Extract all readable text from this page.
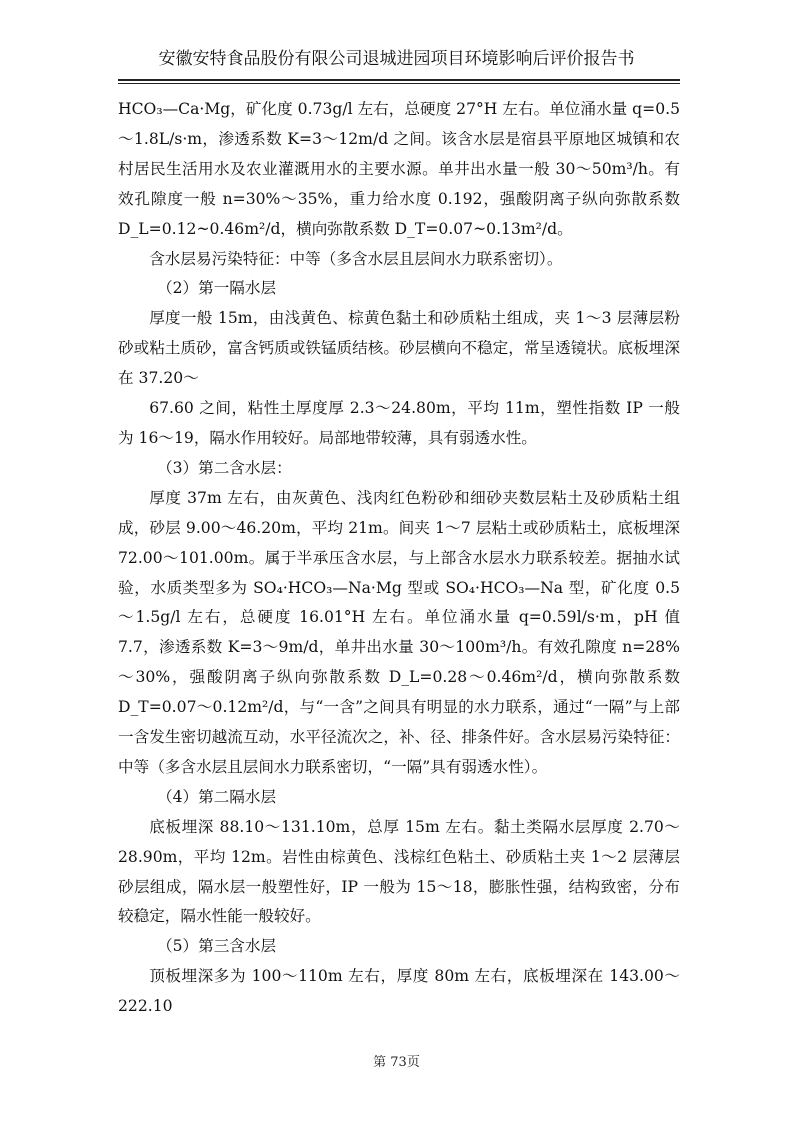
安徽安特食品股份有限公司退城进园项目环境影响后评价报告书

HCO₃—Ca·Mg，矿化度 0.73g/l 左右，总硬度 27°H 左右。单位涌水量 q=0.5～1.8L/s·m，渗透系数 K=3～12m/d 之间。该含水层是宿县平原地区城镇和农村居民生活用水及农业灌溉用水的主要水源。单井出水量一般 30～50m³/h。有效孔隙度一般 n=30%～35%，重力给水度 0.192，强酸阴离子纵向弥散系数 D_L=0.12~0.46m²/d，横向弥散系数 D_T=0.07~0.13m²/d。

含水层易污染特征：中等（多含水层且层间水力联系密切）。

（2）第一隔水层

厚度一般 15m，由浅黄色、棕黄色黏土和砂质粘土组成，夹 1～3 层薄层粉砂或粘土质砂，富含钙质或铁锰质结核。砂层横向不稳定，常呈透镜状。底板埋深在 37.20～

67.60 之间，粘性土厚度厚 2.3～24.80m，平均 11m，塑性指数 IP 一般为 16～19，隔水作用较好。局部地带较薄，具有弱透水性。

（3）第二含水层：

厚度 37m 左右，由灰黄色、浅肉红色粉砂和细砂夹数层粘土及砂质粘土组成，砂层 9.00～46.20m，平均 21m。间夹 1～7 层粘土或砂质粘土，底板埋深 72.00～101.00m。属于半承压含水层，与上部含水层水力联系较差。据抽水试验，水质类型多为 SO₄·HCO₃—Na·Mg 型或 SO₄·HCO₃—Na 型，矿化度 0.5～1.5g/l 左右，总硬度 16.01°H 左右。单位涌水量 q=0.59l/s·m，pH 值 7.7，渗透系数 K=3～9m/d，单井出水量 30～100m³/h。有效孔隙度 n=28%～30%，强酸阴离子纵向弥散系数 D_L=0.28～0.46m²/d，横向弥散系数 D_T=0.07～0.12m²/d，与“一含”之间具有明显的水力联系，通过“一隔”与上部一含发生密切越流互动，水平径流次之，补、径、排条件好。含水层易污染特征：中等（多含水层且层间水力联系密切，“一隔”具有弱透水性）。

（4）第二隔水层

底板埋深 88.10～131.10m，总厚 15m 左右。黏土类隔水层厚度 2.70～28.90m，平均 12m。岩性由棕黄色、浅棕红色粘土、砂质粘土夹 1～2 层薄层砂层组成，隔水层一般塑性好，IP 一般为 15～18，膨胀性强，结构致密，分布较稳定，隔水性能一般较好。

（5）第三含水层

顶板埋深多为 100～110m 左右，厚度 80m 左右，底板埋深在 143.00～222.10

第 73页
